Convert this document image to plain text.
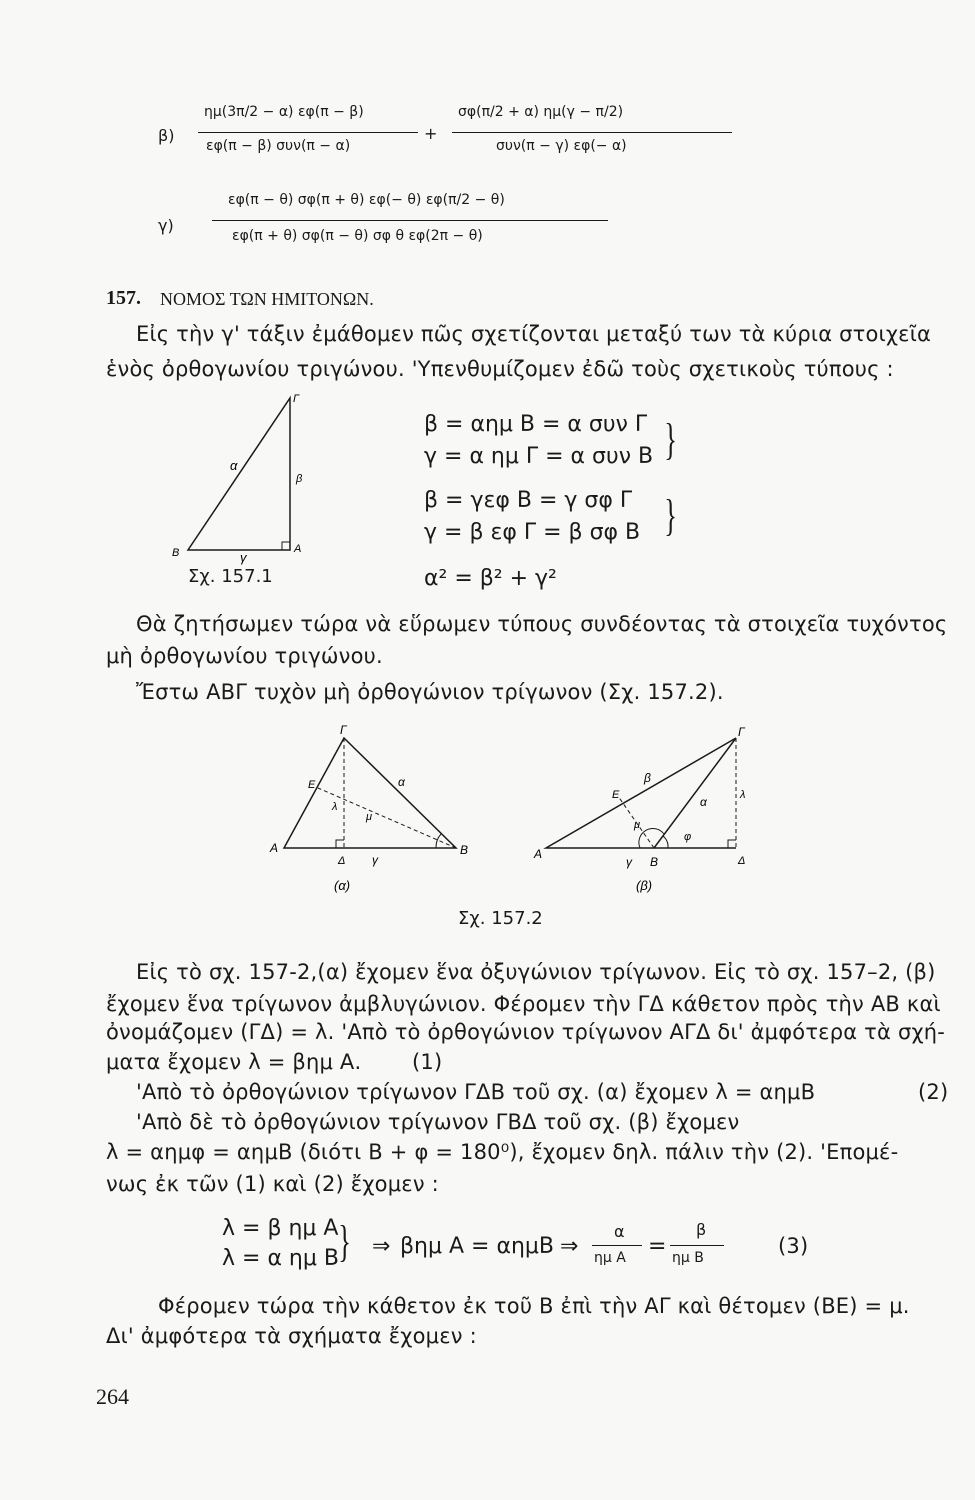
β)
ημ(3π/2 − α) εφ(π − β)
εφ(π − β) συν(π − α)
+
σφ(π/2 + α) ημ(γ − π/2)
συν(π − γ) εφ(− α)
γ)
εφ(π − θ) σφ(π + θ) εφ(− θ) εφ(π/2 − θ)
εφ(π + θ) σφ(π − θ) σφ θ εφ(2π − θ)
157. ΝΟΜΟΣ ΤΩΝ ΗΜΙΤΟΝΩΝ.
Εἰς τὴν γ' τάξιν ἐμάθομεν πῶς σχετίζονται μεταξύ των τὰ κύρια στοιχεῖα
ἑνὸς ὀρθογωνίου τριγώνου. 'Υπενθυμίζομεν ἐδῶ τοὺς σχετικοὺς τύπους :
Γ
Β	Α
α
β
γ
Σχ. 157.1
β = αημ Β = α συν Γ
γ = α ημ Γ = α συν Β }
β = γεφ Β = γ σφ Γ
γ = β εφ Γ = β σφ Β }
α² = β² + γ²
Θὰ ζητήσωμεν τώρα νὰ εὕρωμεν τύπους συνδέοντας τὰ στοιχεῖα τυχόντος
μὴ ὀρθογωνίου τριγώνου.
Ἔστω ΑΒΓ τυχὸν μὴ ὀρθογώνιον τρίγωνον (Σχ. 157.2).
Γ
Α	Β
Δ
Ε	α
γ
λ
μ
(α)
Γ
Α
Β	Δ
Ε	α
β
γ
λ
μ
φ
(β)
Σχ. 157.2
Εἰς τὸ σχ. 157-2,(α) ἔχομεν ἕνα ὀξυγώνιον τρίγωνον. Εἰς τὸ σχ. 157–2, (β)
ἔχομεν ἕνα τρίγωνον ἀμβλυγώνιον. Φέρομεν τὴν ΓΔ κάθετον πρὸς τὴν ΑΒ καὶ
ὀνομάζομεν (ΓΔ) = λ. 'Απὸ τὸ ὀρθογώνιον τρίγωνον ΑΓΔ δι' ἀμφότερα τὰ σχή-
ματα ἔχομεν λ = βημ Α. (1)
'Απὸ τὸ ὀρθογώνιον τρίγωνον ΓΔΒ τοῦ σχ. (α) ἔχομεν λ = αημΒ	(2)
'Απὸ δὲ τὸ ὀρθογώνιον τρίγωνον ΓΒΔ τοῦ σχ. (β) ἔχομεν
λ = αημφ = αημΒ (διότι Β + φ = 180⁰), ἔχομεν δηλ. πάλιν τὴν (2). 'Επομέ-
νως ἐκ τῶν (1) καὶ (2) ἔχομεν :
λ = β ημ Α
λ = α ημ Β } ⇒ βημ Α = αημΒ ⇒
α
ημ Α =
β
ημ Β	(3)
Φέρομεν τώρα τὴν κάθετον ἐκ τοῦ Β ἐπὶ τὴν ΑΓ καὶ θέτομεν (ΒΕ) = μ.
Δι' ἀμφότερα τὰ σχήματα ἔχομεν :
264
